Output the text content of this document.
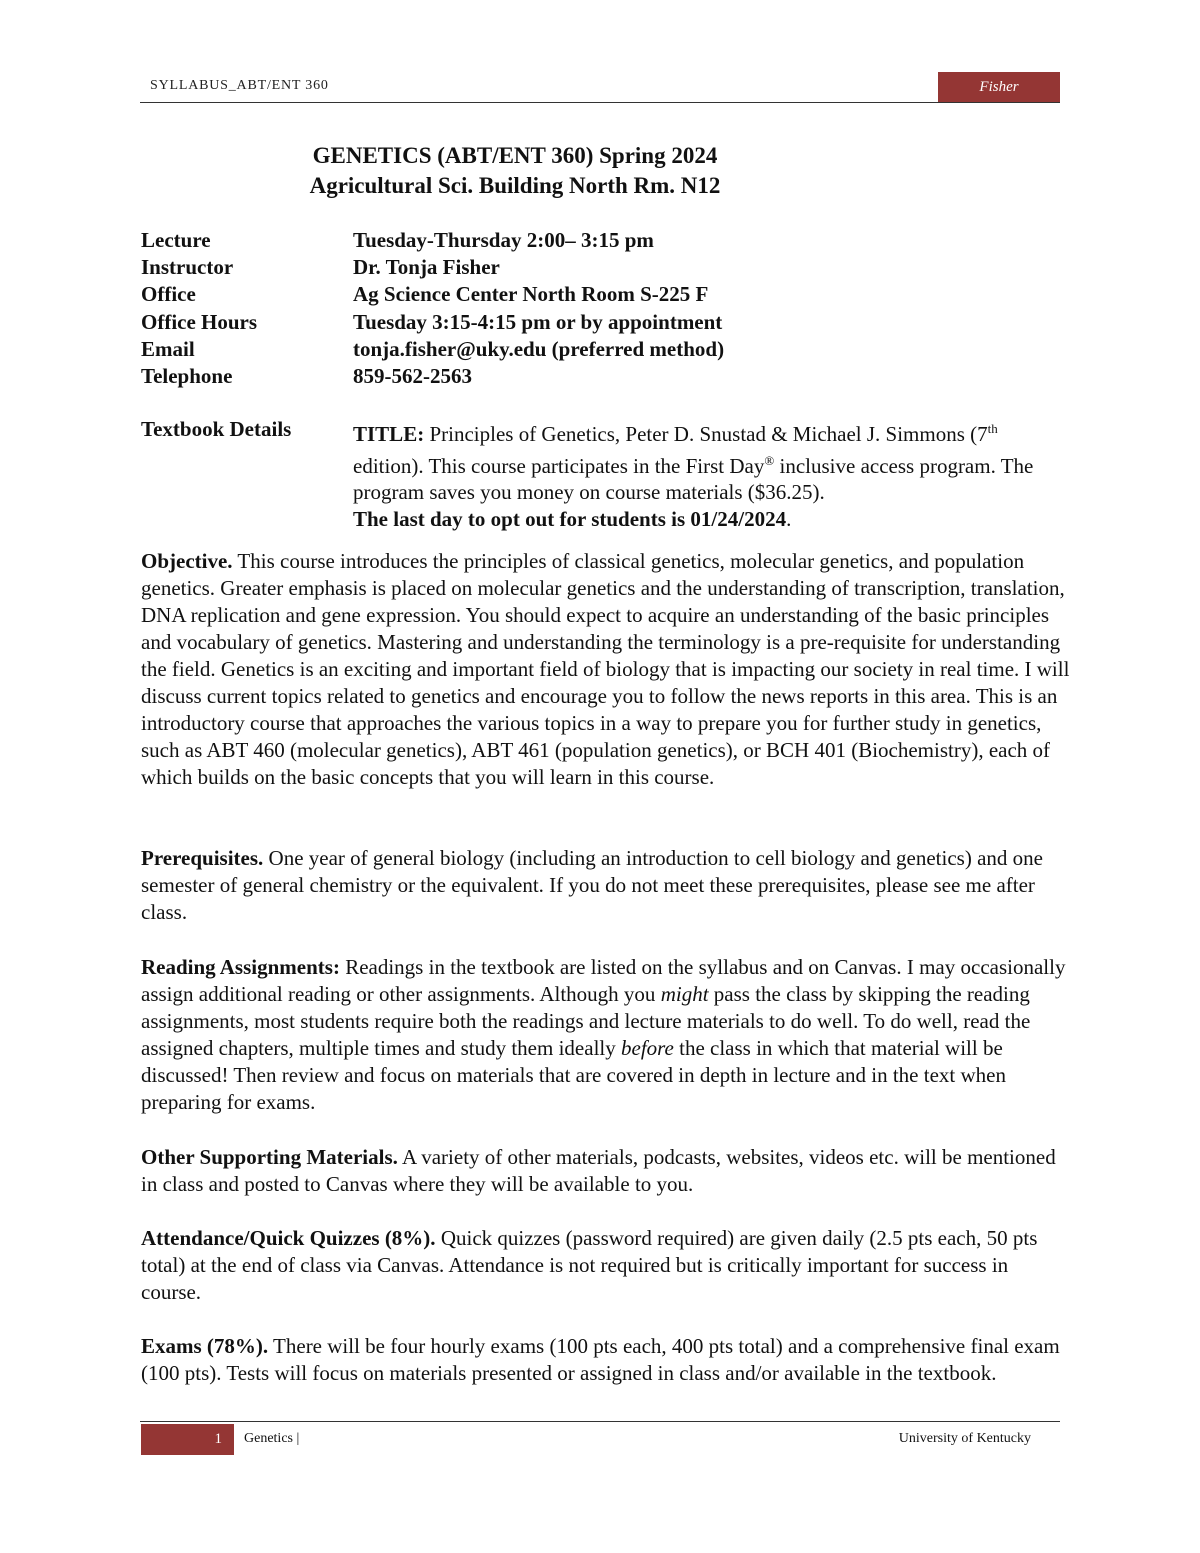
SYLLABUS_ABT/ENT 360	Fisher
GENETICS (ABT/ENT 360) Spring 2024
Agricultural Sci. Building North Rm. N12
Lecture	Tuesday-Thursday 2:00– 3:15 pm
Instructor	Dr. Tonja Fisher
Office	Ag Science Center North Room S-225 F
Office Hours	Tuesday 3:15-4:15 pm or by appointment
Email	tonja.fisher@uky.edu (preferred method)
Telephone	859-562-2563
Textbook Details	TITLE: Principles of Genetics, Peter D. Snustad & Michael J. Simmons (7th edition). This course participates in the First Day® inclusive access program. The program saves you money on course materials ($36.25).
The last day to opt out for students is 01/24/2024.
Objective. This course introduces the principles of classical genetics, molecular genetics, and population genetics. Greater emphasis is placed on molecular genetics and the understanding of transcription, translation, DNA replication and gene expression. You should expect to acquire an understanding of the basic principles and vocabulary of genetics. Mastering and understanding the terminology is a pre-requisite for understanding the field. Genetics is an exciting and important field of biology that is impacting our society in real time. I will discuss current topics related to genetics and encourage you to follow the news reports in this area. This is an introductory course that approaches the various topics in a way to prepare you for further study in genetics, such as ABT 460 (molecular genetics), ABT 461 (population genetics), or BCH 401 (Biochemistry), each of which builds on the basic concepts that you will learn in this course.
Prerequisites. One year of general biology (including an introduction to cell biology and genetics) and one semester of general chemistry or the equivalent. If you do not meet these prerequisites, please see me after class.
Reading Assignments: Readings in the textbook are listed on the syllabus and on Canvas. I may occasionally assign additional reading or other assignments. Although you might pass the class by skipping the reading assignments, most students require both the readings and lecture materials to do well. To do well, read the assigned chapters, multiple times and study them ideally before the class in which that material will be discussed! Then review and focus on materials that are covered in depth in lecture and in the text when preparing for exams.
Other Supporting Materials. A variety of other materials, podcasts, websites, videos etc. will be mentioned in class and posted to Canvas where they will be available to you.
Attendance/Quick Quizzes (8%). Quick quizzes (password required) are given daily (2.5 pts each, 50 pts total) at the end of class via Canvas. Attendance is not required but is critically important for success in course.
Exams (78%). There will be four hourly exams (100 pts each, 400 pts total) and a comprehensive final exam (100 pts). Tests will focus on materials presented or assigned in class and/or available in the textbook.
1	Genetics |	University of Kentucky
